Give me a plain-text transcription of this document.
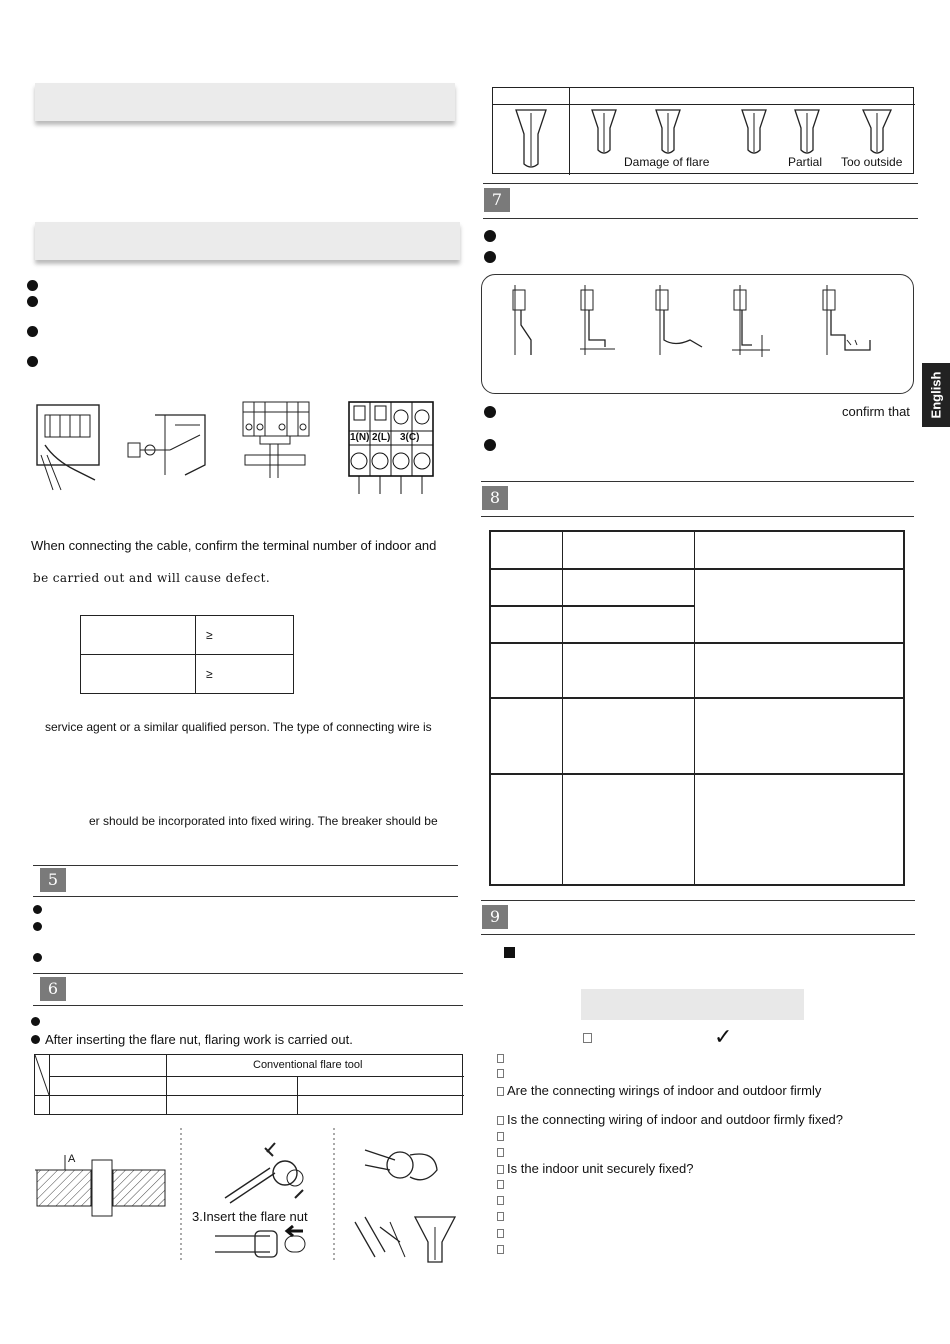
English
1(N) 2(L) 3(C)
When connecting the cable, confirm the terminal number of indoor and
be carried out and will cause defect.
	≥
	≥
service agent or a similar qualified person. The type of connecting wire is
er should be incorporated into fixed wiring. The breaker should be
5
6
After inserting the flare nut, flaring work is carried out.
Conventional flare tool
A
3.Insert the flare nut
Damage of flare	Partial Too outside
7
confirm that
8
9
✓
Are the connecting wirings of indoor and outdoor firmly
Is the connecting wiring of indoor and outdoor firmly fixed?
Is the indoor unit securely fixed?
